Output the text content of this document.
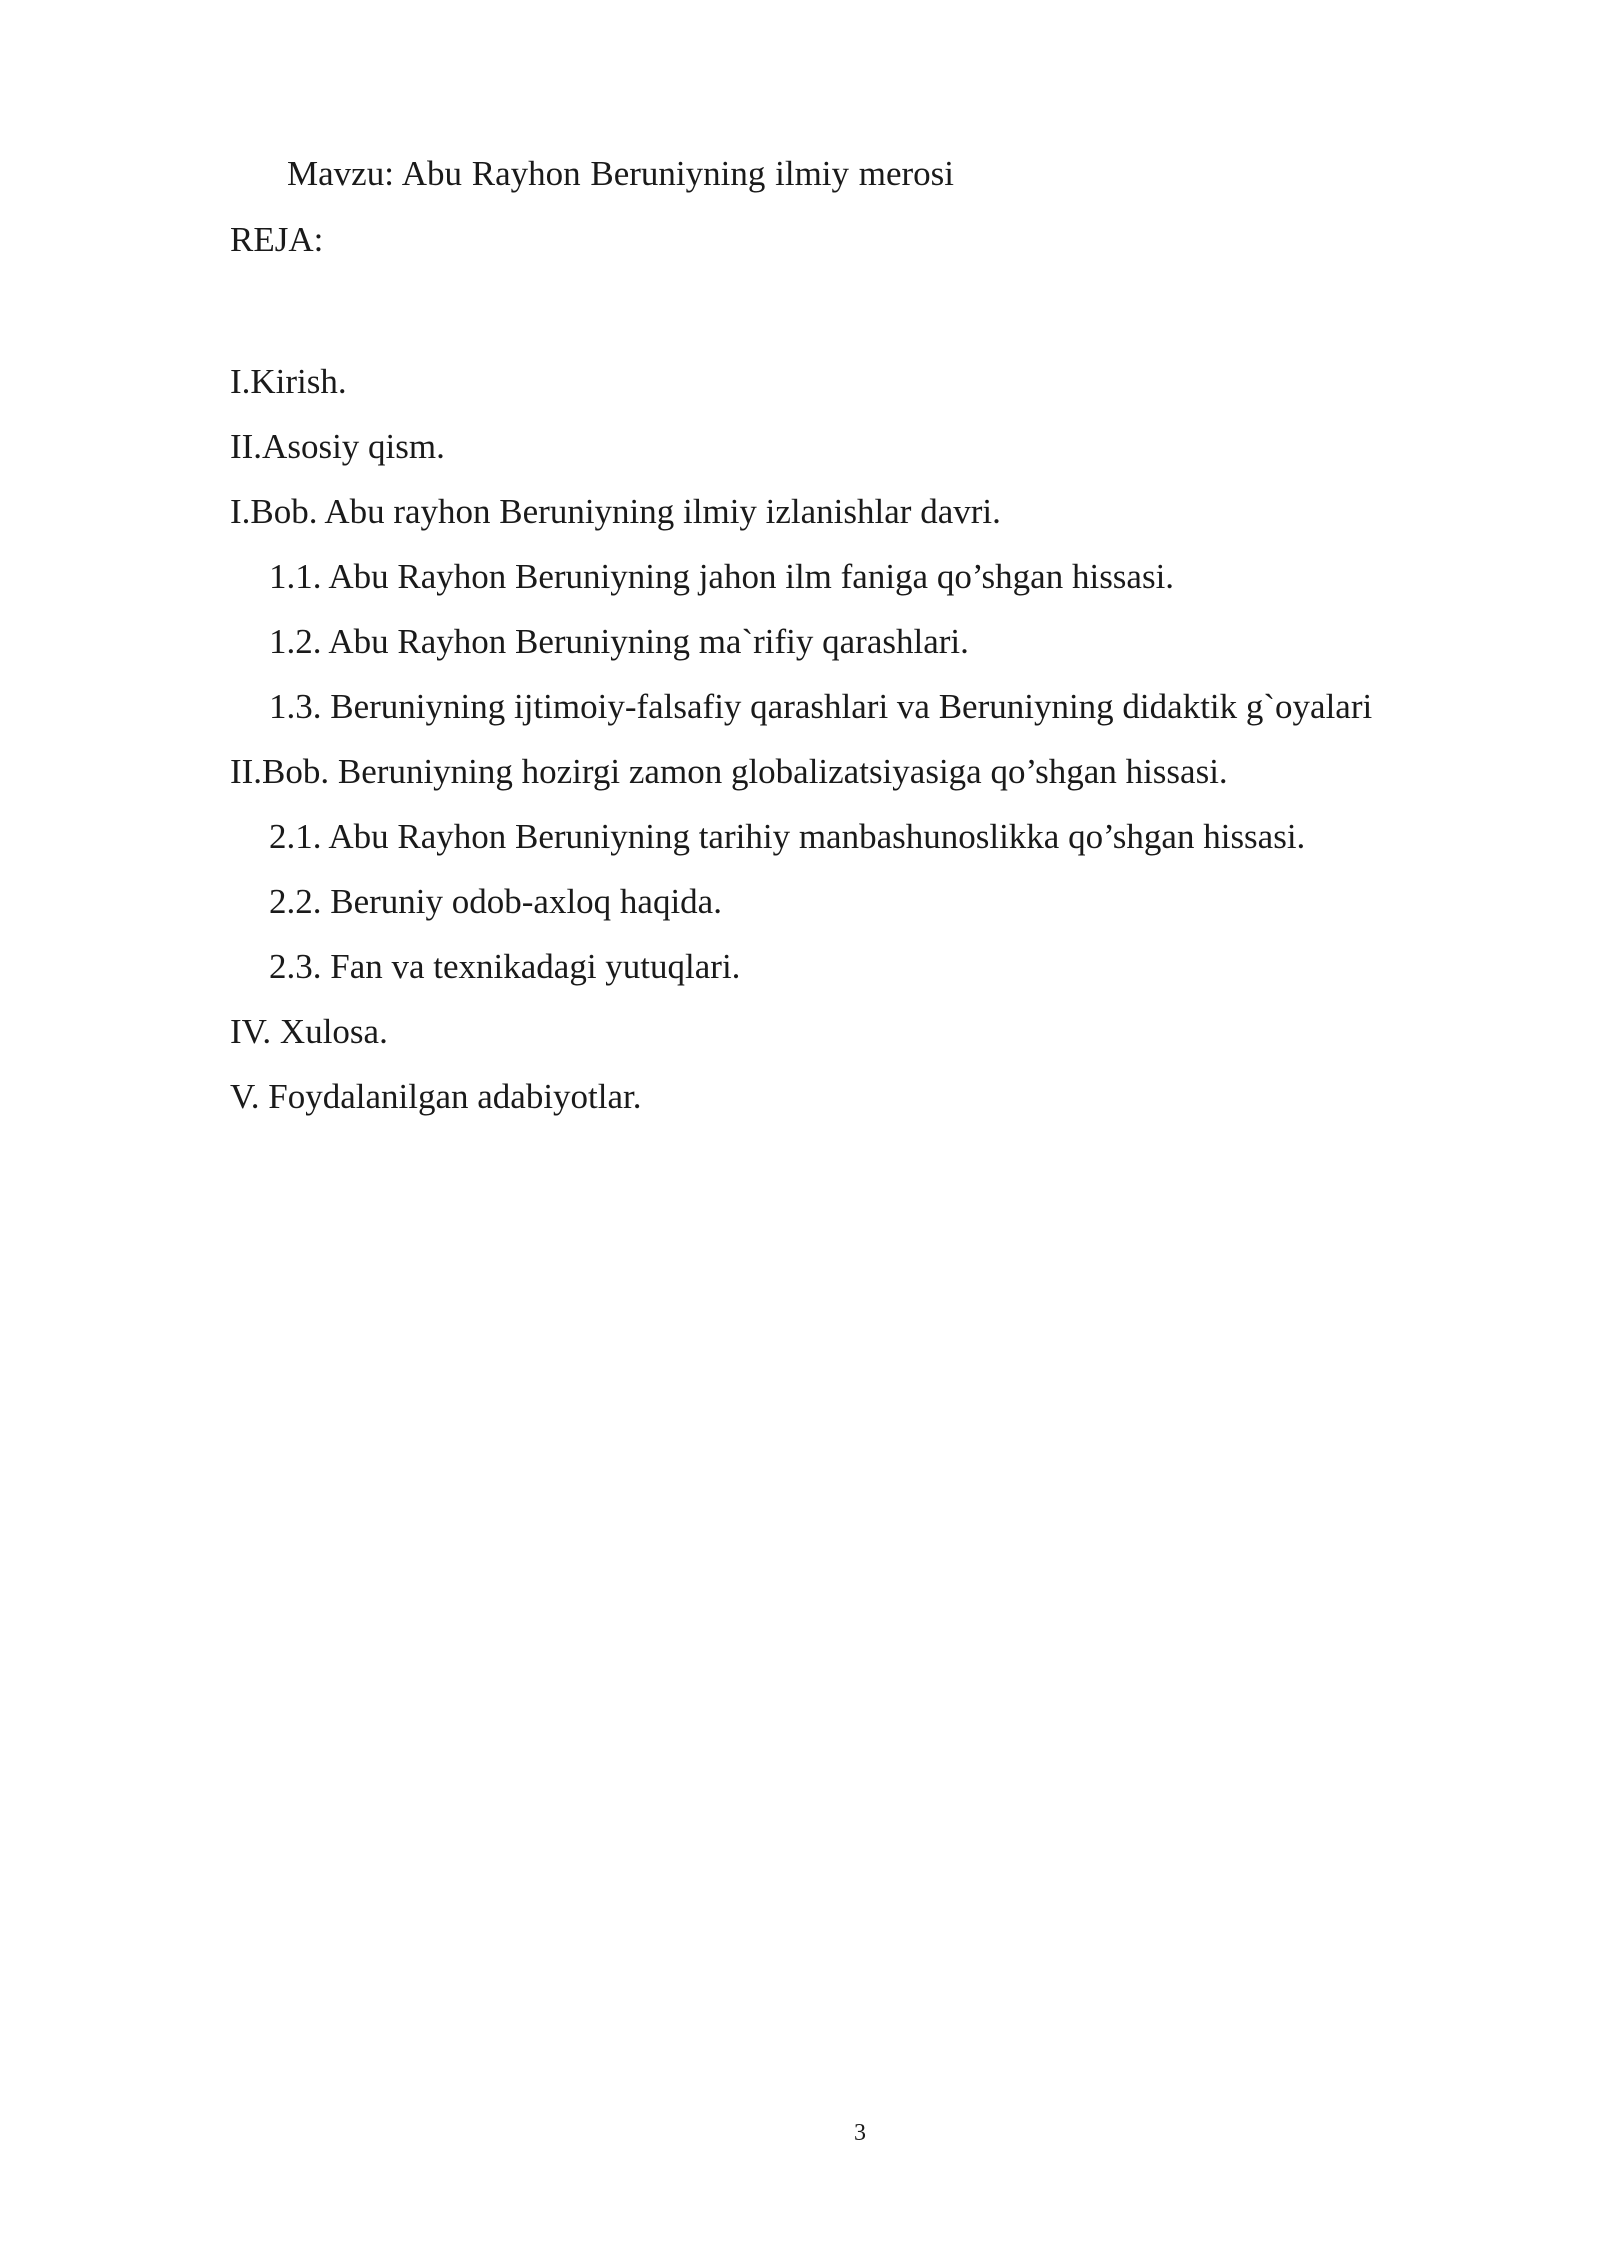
Mavzu: Abu Rayhon Beruniyning ilmiy merosi
REJA:
I.Kirish.
II.Asosiy qism.
I.Bob. Abu rayhon Beruniyning ilmiy izlanishlar davri.
1.1. Abu Rayhon Beruniyning jahon ilm faniga qo’shgan hissasi.
1.2. Abu Rayhon Beruniyning ma`rifiy qarashlari.
1.3. Beruniyning ijtimoiy-falsafiy qarashlari va Beruniyning didaktik g`oyalari
II.Bob. Beruniyning hozirgi zamon globalizatsiyasiga qo’shgan hissasi.
2.1. Abu Rayhon Beruniyning tarihiy manbashunoslikka qo’shgan hissasi.
2.2. Beruniy odob-axloq haqida.
2.3. Fan va texnikadagi yutuqlari.
IV. Xulosa.
V. Foydalanilgan adabiyotlar.
3
